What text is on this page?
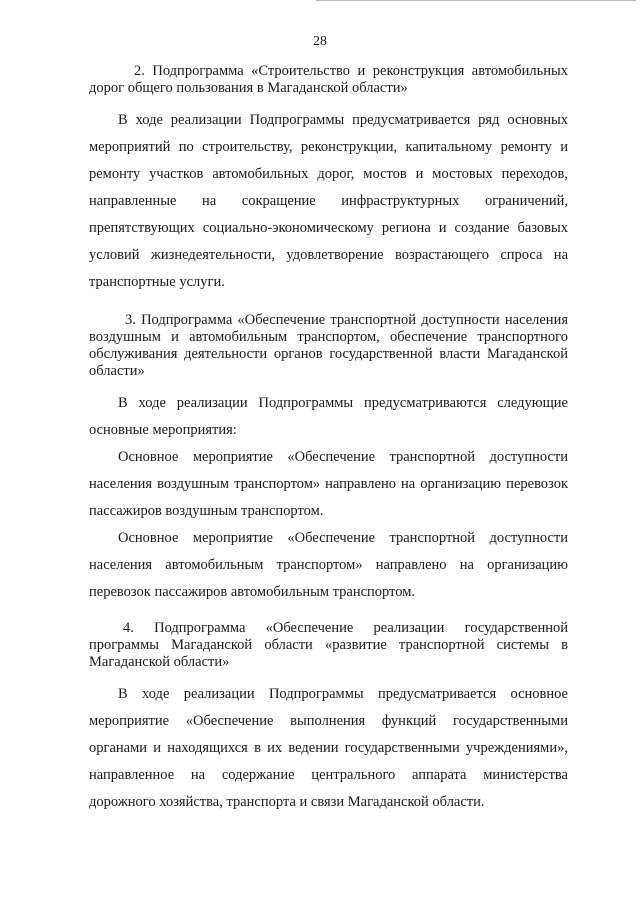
28

2. Подпрограмма «Строительство и реконструкция автомобильных дорог общего пользования в Магаданской области»

В ходе реализации Подпрограммы предусматривается ряд основных мероприятий по строительству, реконструкции, капитальному ремонту и ремонту участков автомобильных дорог, мостов и мостовых переходов, направленные на сокращение инфраструктурных ограничений, препятствующих социально-экономическому региона и создание базовых условий жизнедеятельности, удовлетворение возрастающего спроса на транспортные услуги.

3. Подпрограмма «Обеспечение транспортной доступности населения воздушным и автомобильным транспортом, обеспечение транспортного обслуживания деятельности органов государственной власти Магаданской области»

В ходе реализации Подпрограммы предусматриваются следующие основные мероприятия:

Основное мероприятие «Обеспечение транспортной доступности населения воздушным транспортом» направлено на организацию перевозок пассажиров воздушным транспортом.

Основное мероприятие «Обеспечение транспортной доступности населения автомобильным транспортом» направлено на организацию перевозок пассажиров автомобильным транспортом.

4. Подпрограмма «Обеспечение реализации государственной программы Магаданской области «развитие транспортной системы в Магаданской области»

В ходе реализации Подпрограммы предусматривается основное мероприятие «Обеспечение выполнения функций государственными органами и находящихся в их ведении государственными учреждениями», направленное на содержание центрального аппарата министерства дорожного хозяйства, транспорта и связи Магаданской области.
